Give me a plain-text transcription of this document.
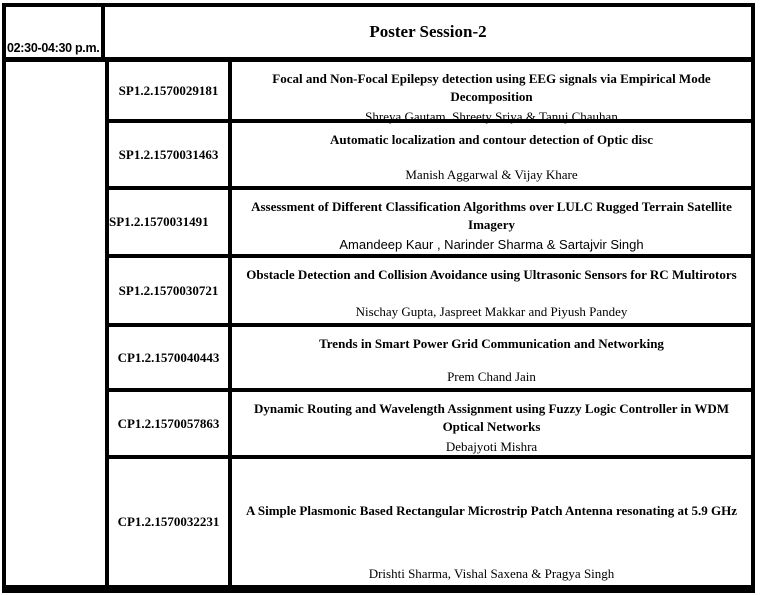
02:30-04:30 p.m.
Poster Session-2
SP1.2.1570029181
Focal and Non-Focal Epilepsy detection using EEG signals via Empirical Mode Decomposition
Shreya Gautam, Shreety Sriya & Tanuj Chauhan
SP1.2.1570031463
Automatic localization and contour detection of Optic disc
Manish Aggarwal & Vijay Khare
SP1.2.1570031491
Assessment of Different Classification Algorithms over LULC Rugged Terrain Satellite Imagery
Amandeep Kaur , Narinder Sharma & Sartajvir Singh
SP1.2.1570030721
Obstacle Detection and Collision Avoidance using Ultrasonic Sensors for RC Multirotors
Nischay Gupta, Jaspreet Makkar and Piyush Pandey
CP1.2.1570040443
Trends in Smart Power Grid Communication and Networking
Prem Chand Jain
CP1.2.1570057863
Dynamic Routing and Wavelength Assignment using Fuzzy Logic Controller in WDM Optical Networks
Debajyoti Mishra
CP1.2.1570032231
A Simple Plasmonic Based Rectangular Microstrip Patch Antenna resonating at 5.9 GHz
Drishti Sharma, Vishal Saxena & Pragya Singh
